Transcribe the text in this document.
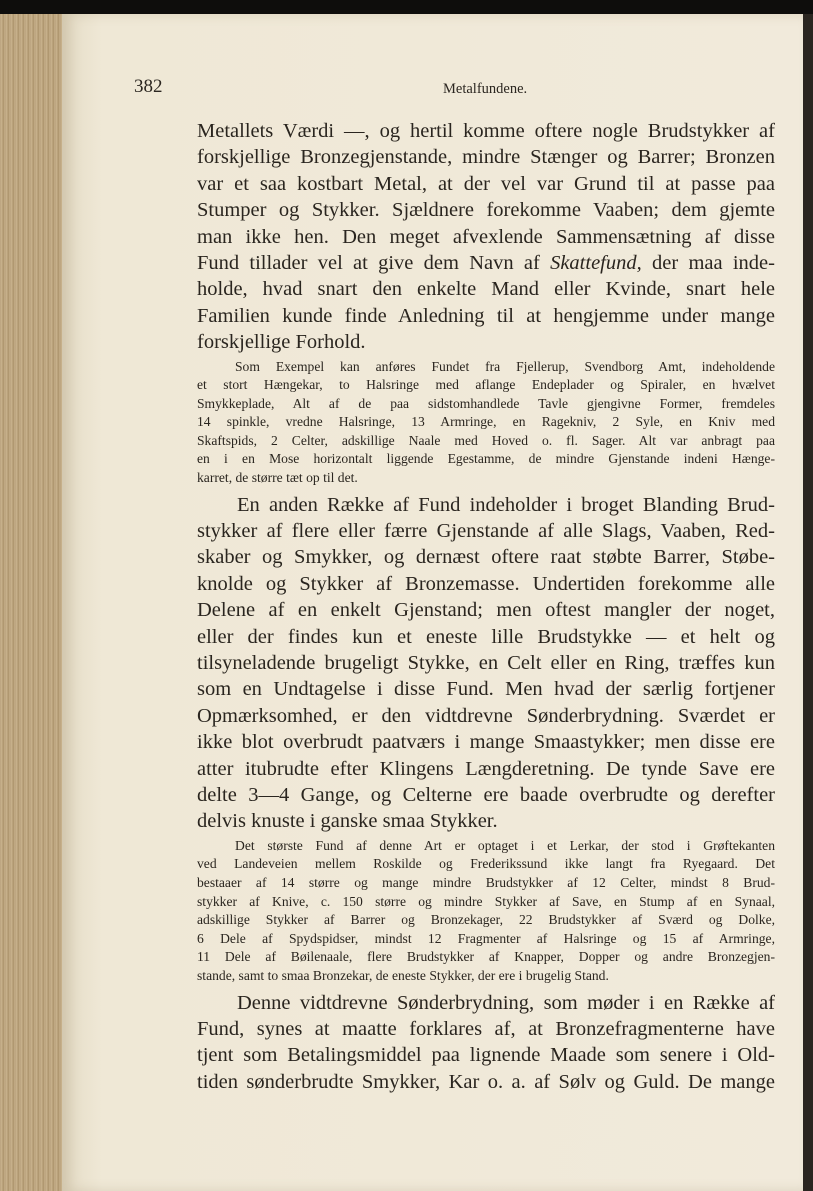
382	Metalfundene.
Metallets Værdi —, og hertil komme oftere nogle Brudstykker af
forskjellige Bronzegjenstande, mindre Stænger og Barrer; Bronzen
var et saa kostbart Metal, at der vel var Grund til at passe paa
Stumper og Stykker. Sjældnere forekomme Vaaben; dem gjemte
man ikke hen. Den meget afvexlende Sammensætning af disse
Fund tillader vel at give dem Navn af Skattefund, der maa inde-
holde, hvad snart den enkelte Mand eller Kvinde, snart hele
Familien kunde finde Anledning til at hengjemme under mange
forskjellige Forhold.
Som Exempel kan anføres Fundet fra Fjellerup, Svendborg Amt, indeholdende
et stort Hængekar, to Halsringe med aflange Endeplader og Spiraler, en hvælvet
Smykkeplade, Alt af de paa sidstomhandlede Tavle gjengivne Former, fremdeles
14 spinkle, vredne Halsringe, 13 Armringe, en Ragekniv, 2 Syle, en Kniv med
Skaftspids, 2 Celter, adskillige Naale med Hoved o. fl. Sager. Alt var anbragt paa
en i en Mose horizontalt liggende Egestamme, de mindre Gjenstande indeni Hænge-
karret, de større tæt op til det.
En anden Række af Fund indeholder i broget Blanding Brud-
stykker af flere eller færre Gjenstande af alle Slags, Vaaben, Red-
skaber og Smykker, og dernæst oftere raat støbte Barrer, Støbe-
knolde og Stykker af Bronzemasse. Undertiden forekomme alle
Delene af en enkelt Gjenstand; men oftest mangler der noget,
eller der findes kun et eneste lille Brudstykke — et helt og
tilsyneladende brugeligt Stykke, en Celt eller en Ring, træffes kun
som en Undtagelse i disse Fund. Men hvad der særlig fortjener
Opmærksomhed, er den vidtdrevne Sønderbrydning. Sværdet er
ikke blot overbrudt paatværs i mange Smaastykker; men disse ere
atter itubrudte efter Klingens Længderetning. De tynde Save ere
delte 3—4 Gange, og Celterne ere baade overbrudte og derefter
delvis knuste i ganske smaa Stykker.
Det største Fund af denne Art er optaget i et Lerkar, der stod i Grøftekanten
ved Landeveien mellem Roskilde og Frederikssund ikke langt fra Ryegaard. Det
bestaaer af 14 større og mange mindre Brudstykker af 12 Celter, mindst 8 Brud-
stykker af Knive, c. 150 større og mindre Stykker af Save, en Stump af en Synaal,
adskillige Stykker af Barrer og Bronzekager, 22 Brudstykker af Sværd og Dolke,
6 Dele af Spydspidser, mindst 12 Fragmenter af Halsringe og 15 af Armringe,
11 Dele af Bøilenaale, flere Brudstykker af Knapper, Dopper og andre Bronzegjen-
stande, samt to smaa Bronzekar, de eneste Stykker, der ere i brugelig Stand.
Denne vidtdrevne Sønderbrydning, som møder i en Række af
Fund, synes at maatte forklares af, at Bronzefragmenterne have
tjent som Betalingsmiddel paa lignende Maade som senere i Old-
tiden sønderbrudte Smykker, Kar o. a. af Sølv og Guld. De mange
